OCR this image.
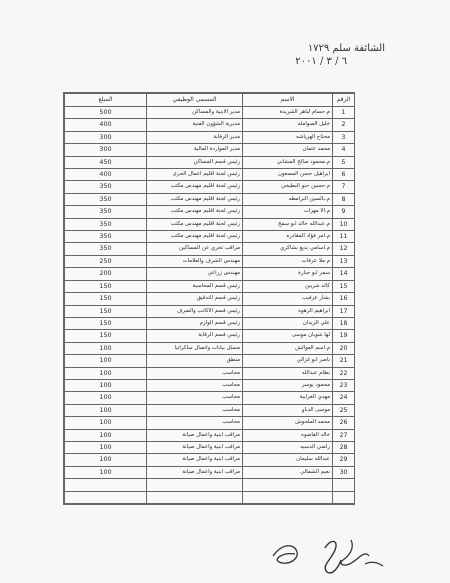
الشائفة سلم ١٧٢٩
٦ / ٣ / ٢٠٠١
الرقم	الاسم	المسمى الوظيفي	المبلغ
1	م.حسام لباهر الشريدة	مدير الابنية والمساكن	500
2	خليل الصوامله	مديرية الشؤون الفنية	400
3	محتاح الهرياشه	مدير الرقابة	300
4	محمد عثمان	مدير المواردة المالية	300
5	م.محمود صالح المشاني	رئيس قسم المساكن	450
6	ابراهيل حسن المصعون	رئيس لجنة اقليم اعمال الحرى	400
7	م.حسين حنو البطيخي	رئيس لجنة اقليم مهندس مكتب	350
8	م.بالسين البرامطه	رئيس لجنة اقليم مهندس مكتب	350
9	م.الا مهرات	رئيس لجنة اقليم مهندس مكتب	350
10	م.عبدالله خالد ابو سمح	رئيس لجنة اقليم مهندس مكتب	350
11	م.امر فؤاد المقادره	رئيس لجنة اقليم مهندس مكتب	350
12	م.اسامي بديع بشاكري	مراقب تحري عن المساكين	350
13	م.ملا عرفات	مهندس الشرف والعلامات	250
14	سمر ابو جبارة	مهندس زراعي	200
15	كالد شريبن	رئيس قسم المحاسبة	150
16	بشار عرفيب	رئيس قسم التدقيق	150
17	ابراهيم الرهوه	رئيس قسم الاكاتب والصرف	150
18	علي الزيدان	رئيس قسم الوازم	150
19	لها شوبان موسى	رئيس قسم الرقابة	150
20	م.اسم العوالش	مسئل بيانات واتصال ساكراتيا	100
21	ناصر ابو غزالي	منطق	100
22	نطام عبدالله	محاسب	100
23	محمود يوسر	محاسب	100
24	مهدي الغرايبة	محاسب	100
25	موسى الدباو	محاسب	100
26	محمد الملحوش	محاسب	100
27	خالد القاضوه	مراقب ابنية واعمال صيانة	100
28	راضي الدسيه	مراقب ابنية واعمال صيانة	100
29	عبدالله سليمان	مراقب ابنية واعمال صيانة	100
30	نعيم الشمالي	مراقب ابنية واعمال صيانة	100
